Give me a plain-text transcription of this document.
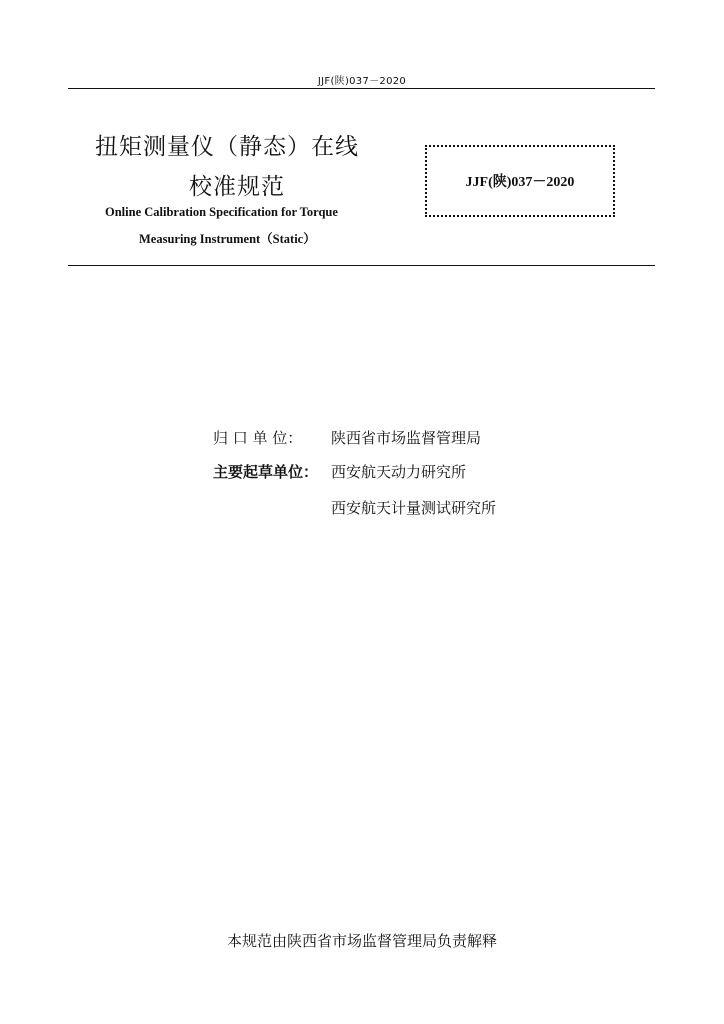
JJF(陕)037－2020
扭矩测量仪（静态）在线
校准规范
Online Calibration Specification for Torque
Measuring Instrument（Static）
JJF(陕)037－2020
归 口 单 位：	陕西省市场监督管理局
主要起草单位： 西安航天动力研究所
西安航天计量测试研究所
本规范由陕西省市场监督管理局负责解释
